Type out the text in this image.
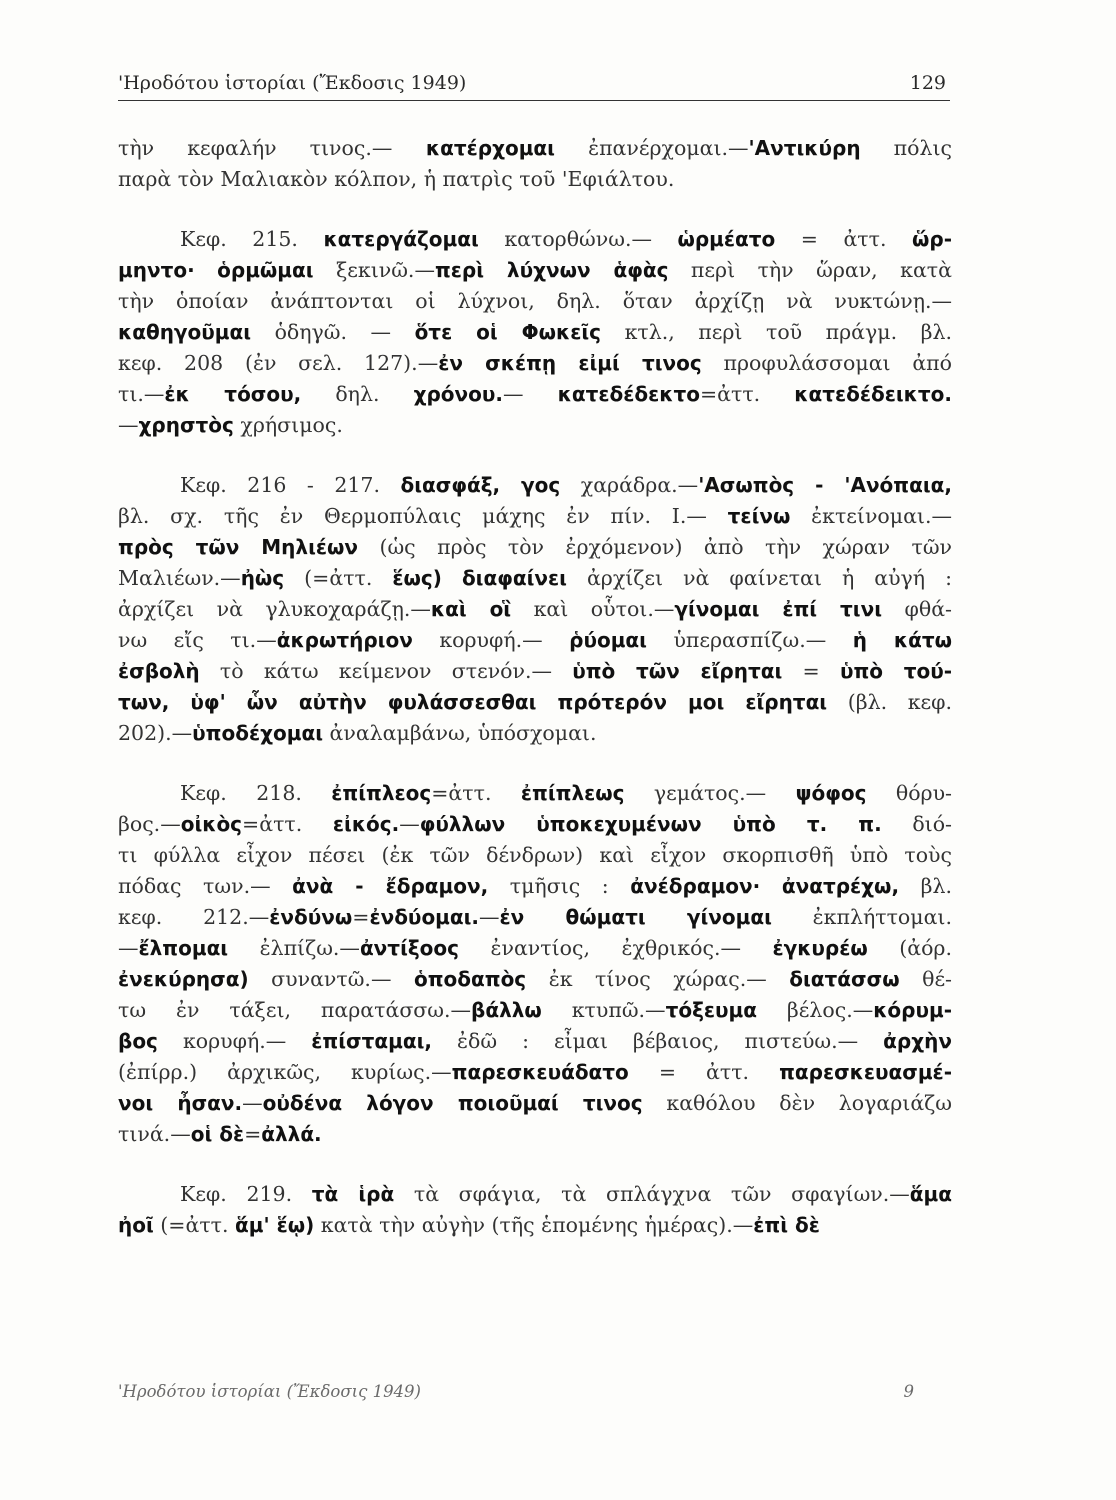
'Ηροδότου ἱστορίαι (Ἔκδοσις 1949)	129
τὴν κεφαλήν τινος.— κατέρχομαι ἐπανέρχομαι.—'Αντικύρη πόλις
παρὰ τὸν Μαλιακὸν κόλπον, ἡ πατρὶς τοῦ 'Εφιάλτου.
Κεφ. 215. κατεργάζομαι κατορθώνω.— ὡρμέατο = ἀττ. ὥρ-
μηντο· ὁρμῶμαι ξεκινῶ.—περὶ λύχνων ἁφὰς περὶ τὴν ὥραν, κατὰ
τὴν ὁποίαν ἀνάπτονται οἱ λύχνοι, δηλ. ὅταν ἀρχίζῃ νὰ νυκτώνῃ.—
καθηγοῦμαι ὁδηγῶ. — ὅτε οἱ Φωκεῖς κτλ., περὶ τοῦ πράγμ. βλ.
κεφ. 208 (ἐν σελ. 127).—ἐν σκέπῃ εἰμί τινος προφυλάσσομαι ἀπό
τι.—ἐκ τόσου, δηλ. χρόνου.— κατεδέδεκτο=ἀττ. κατεδέδεικτο.
—χρηστὸς χρήσιμος.
Κεφ. 216 - 217. διασφάξ, γος χαράδρα.—'Ασωπὸς - 'Ανόπαια,
βλ. σχ. τῆς ἐν Θερμοπύλαις μάχης ἐν πίν. Ι.— τείνω ἐκτείνομαι.—
πρὸς τῶν Μηλιέων (ὡς πρὸς τὸν ἐρχόμενον) ἀπὸ τὴν χώραν τῶν
Μαλιέων.—ἠὼς (=ἀττ. ἕως) διαφαίνει ἀρχίζει νὰ φαίνεται ἡ αὐγή :
ἀρχίζει νὰ γλυκοχαράζῃ.—καὶ οἳ καὶ οὗτοι.—γίνομαι ἐπί τινι φθά-
νω εἴς τι.—ἀκρωτήριον κορυφή.— ῥύομαι ὑπερασπίζω.— ἡ κάτω
ἐσβολὴ τὸ κάτω κείμενον στενόν.— ὑπὸ τῶν εἴρηται = ὑπὸ τού-
των, ὑφ' ὧν αὐτὴν φυλάσσεσθαι πρότερόν μοι εἴρηται (βλ. κεφ.
202).—ὑποδέχομαι ἀναλαμβάνω, ὑπόσχομαι.
Κεφ. 218. ἐπίπλεος=ἀττ. ἐπίπλεως γεμάτος.— ψόφος θόρυ-
βος.—οἰκὸς=ἀττ. εἰκός.—φύλλων ὑποκεχυμένων ὑπὸ τ. π. διό-
τι φύλλα εἶχον πέσει (ἐκ τῶν δένδρων) καὶ εἶχον σκορπισθῆ ὑπὸ τοὺς
πόδας των.— ἀνὰ - ἔδραμον, τμῆσις : ἀνέδραμον· ἀνατρέχω, βλ.
κεφ. 212.—ἐνδύνω=ἐνδύομαι.—ἐν θώματι γίνομαι ἐκπλήττομαι.
—ἔλπομαι ἐλπίζω.—ἀντίξοος ἐναντίος, ἐχθρικός.— ἐγκυρέω (ἀόρ.
ἐνεκύρησα) συναντῶ.— ὁποδαπὸς ἐκ τίνος χώρας.— διατάσσω θέ-
τω ἐν τάξει, παρατάσσω.—βάλλω κτυπῶ.—τόξευμα βέλος.—κόρυμ-
βος κορυφή.— ἐπίσταμαι, ἐδῶ : εἶμαι βέβαιος, πιστεύω.— ἀρχὴν
(ἐπίρρ.) ἀρχικῶς, κυρίως.—παρεσκευάδατο = ἀττ. παρεσκευασμέ-
νοι ἦσαν.—οὐδένα λόγον ποιοῦμαί τινος καθόλου δὲν λογαριάζω
τινά.—οἱ δὲ=ἀλλά.
Κεφ. 219. τὰ ἱρὰ τὰ σφάγια, τὰ σπλάγχνα τῶν σφαγίων.—ἅμα
ἠοῖ (=ἀττ. ἅμ' ἕῳ) κατὰ τὴν αὐγὴν (τῆς ἑπομένης ἡμέρας).—ἐπὶ δὲ
'Ηροδότου ἱστορίαι (Ἔκδοσις 1949)	9
